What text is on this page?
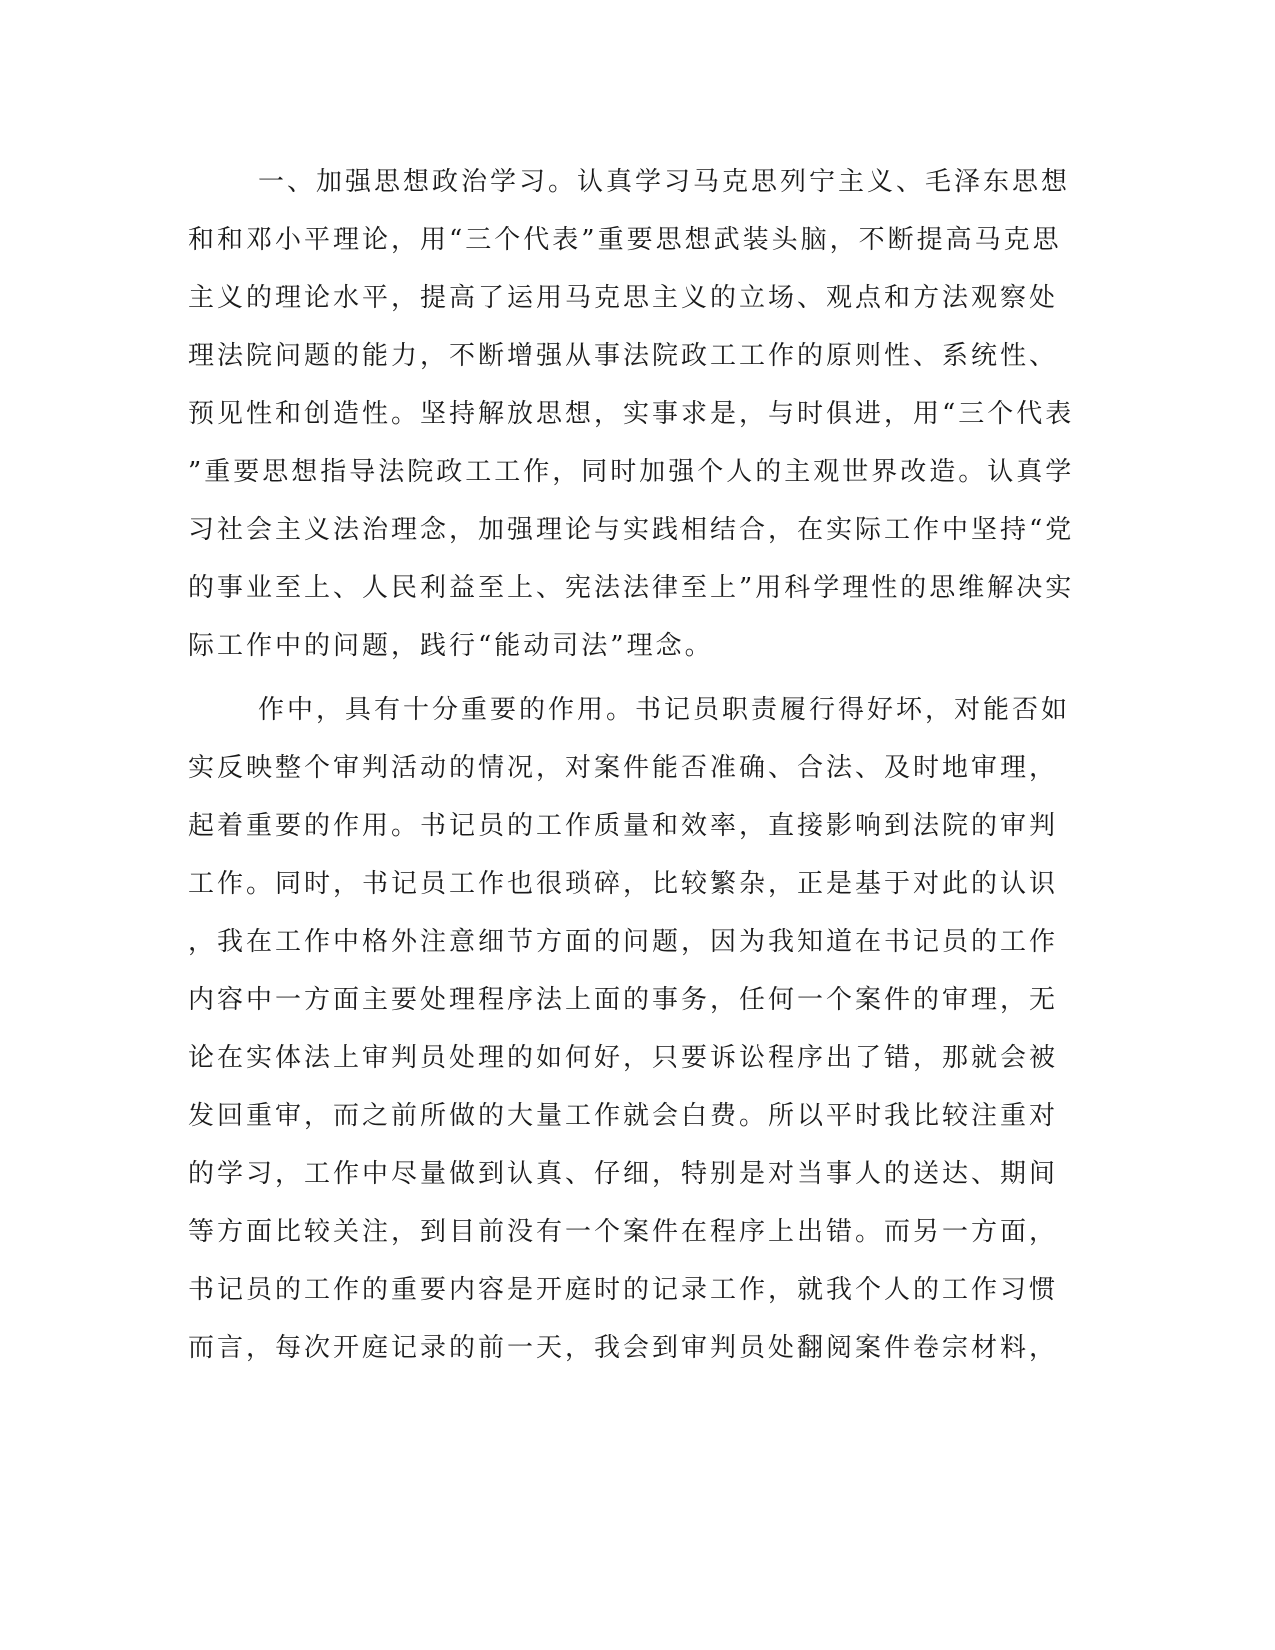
一、加强思想政治学习。认真学习马克思列宁主义、毛泽东思想
和和邓小平理论，用“三个代表”重要思想武装头脑，不断提高马克思
主义的理论水平，提高了运用马克思主义的立场、观点和方法观察处
理法院问题的能力，不断增强从事法院政工工作的原则性、系统性、
预见性和创造性。坚持解放思想，实事求是，与时俱进，用“三个代表
”重要思想指导法院政工工作，同时加强个人的主观世界改造。认真学
习社会主义法治理念，加强理论与实践相结合，在实际工作中坚持“党
的事业至上、人民利益至上、宪法法律至上”用科学理性的思维解决实
际工作中的问题，践行“能动司法”理念。
作中，具有十分重要的作用。书记员职责履行得好坏，对能否如
实反映整个审判活动的情况，对案件能否准确、合法、及时地审理，
起着重要的作用。书记员的工作质量和效率，直接影响到法院的审判
工作。同时，书记员工作也很琐碎，比较繁杂，正是基于对此的认识
，我在工作中格外注意细节方面的问题，因为我知道在书记员的工作
内容中一方面主要处理程序法上面的事务，任何一个案件的审理，无
论在实体法上审判员处理的如何好，只要诉讼程序出了错，那就会被
发回重审，而之前所做的大量工作就会白费。所以平时我比较注重对
的学习，工作中尽量做到认真、仔细，特别是对当事人的送达、期间
等方面比较关注，到目前没有一个案件在程序上出错。而另一方面，
书记员的工作的重要内容是开庭时的记录工作，就我个人的工作习惯
而言，每次开庭记录的前一天，我会到审判员处翻阅案件卷宗材料，
